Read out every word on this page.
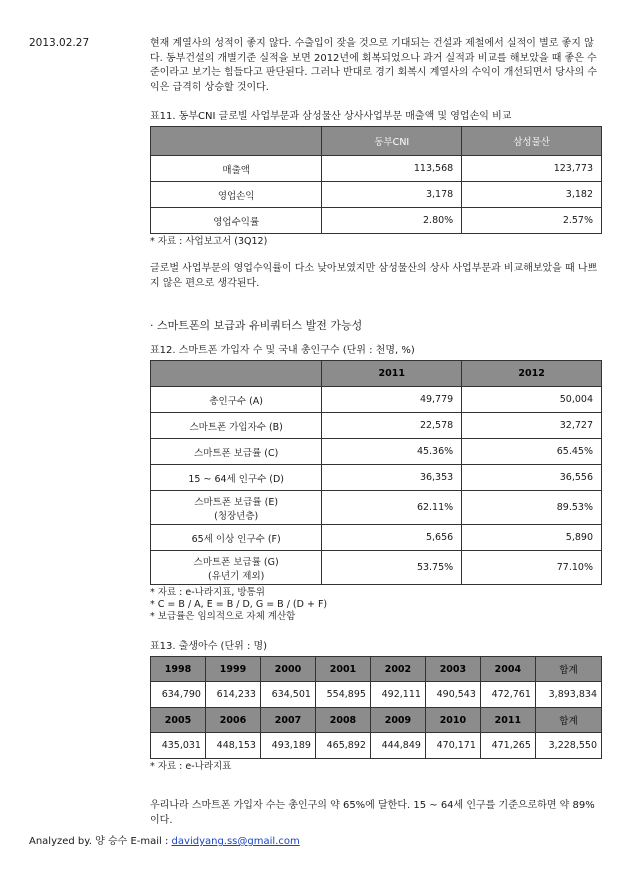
2013.02.27	현재 계열사의 성적이 좋지 않다. 수출입이 잦을 것으로 기대되는 건설과 제철에서 실적이 별로 좋지 않다. 동부건설의 개별기준 실적을 보면 2012년에 회복되었으나 과거 실적과 비교를 해보았을 때 좋은 수준이라고 보기는 힘들다고 판단된다. 그러나 반대로 경기 회복시 계열사의 수익이 개선되면서 당사의 수익은 급격히 상승할 것이다.

표11. 동부CNI 글로빌 사업부문과 삼성물산 상사사업부문 매출액 및 영업손익 비교
	동부CNI	삼성물산
매출액	113,568	123,773
영업손익	3,178	3,182
영업수익률	2.80%	2.57%
* 자료 : 사업보고서 (3Q12)

글로벌 사업부문의 영업수익률이 다소 낮아보였지만 삼성물산의 상사 사업부문과 비교해보았을 때 나쁘지 않은 편으로 생각된다.

· 스마트폰의 보급과 유비쿼터스 발전 가능성
표12. 스마트폰 가입자 수 및 국내 총인구수 (단위 : 천명, %)
	2011	2012
총인구수 (A)	49,779	50,004
스마트폰 가입자수 (B)	22,578	32,727
스마트폰 보급률 (C)	45.36%	65.45%
15 ~ 64세 인구수 (D)	36,353	36,556

스마트폰 보급률 (E)
(청장년층)	62.11%	89.53%
65세 이상 인구수 (F)	5,656	5,890

스마트폰 보급률 (G)
(유년기 제외)	53.75%	77.10%
* 자료 : e-나라지표, 방통위
* C = B / A, E = B / D, G = B / (D + F)
* 보급률은 임의적으로 자체 계산함
표13. 출생아수 (단위 : 명)
1998	1999	2000	2001	2002	2003	2004	합계
634,790	614,233	634,501	554,895	492,111	490,543	472,761	3,893,834
2005	2006	2007	2008	2009	2010	2011	합계
435,031	448,153	493,189	465,892	444,849	470,171	471,265	3,228,550
* 자료 : e-나라지표

우리나라 스마트폰 가입자 수는 총인구의 약 65%에 달한다. 15 ~ 64세 인구를 기준으로하면 약 89%이다.

Analyzed by. 양 승수 E-mail : davidyang.ss@gmail.com
